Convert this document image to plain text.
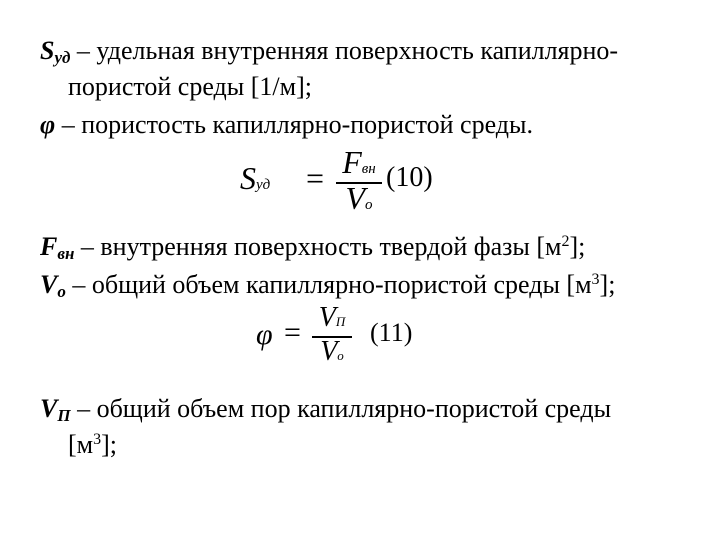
$S_{уд}$ – удельная внутренняя поверхность капиллярно-
пористой среды [1/м];
φ – пористость капиллярно-пористой среды.
Sуд = Fвн
Vо
(10)
$F_{вн}$ – внутренняя поверхность твердой фазы $[м^2]$;
$V_о$ – общий объем капиллярно-пористой среды $[м^3]$;
φ = VП
Vо
(11)
$V_П$ – общий объем пор капиллярно-пористой среды
$[м^3]$;
